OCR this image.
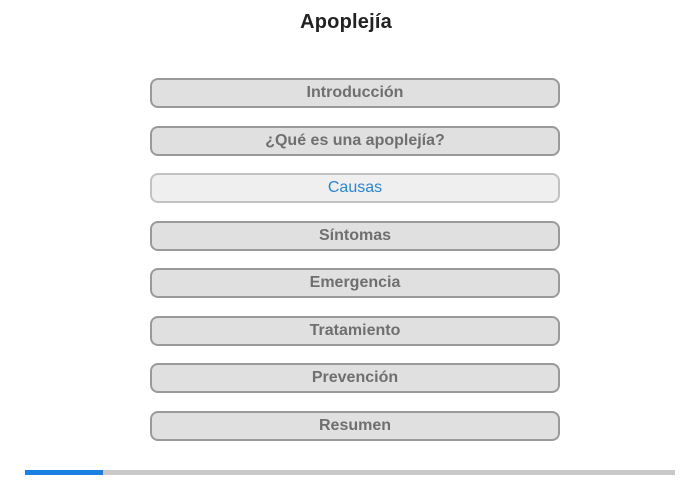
Apoplejía
Introducción
¿Qué es una apoplejía?
Causas
Síntomas
Emergencia
Tratamiento
Prevención
Resumen
